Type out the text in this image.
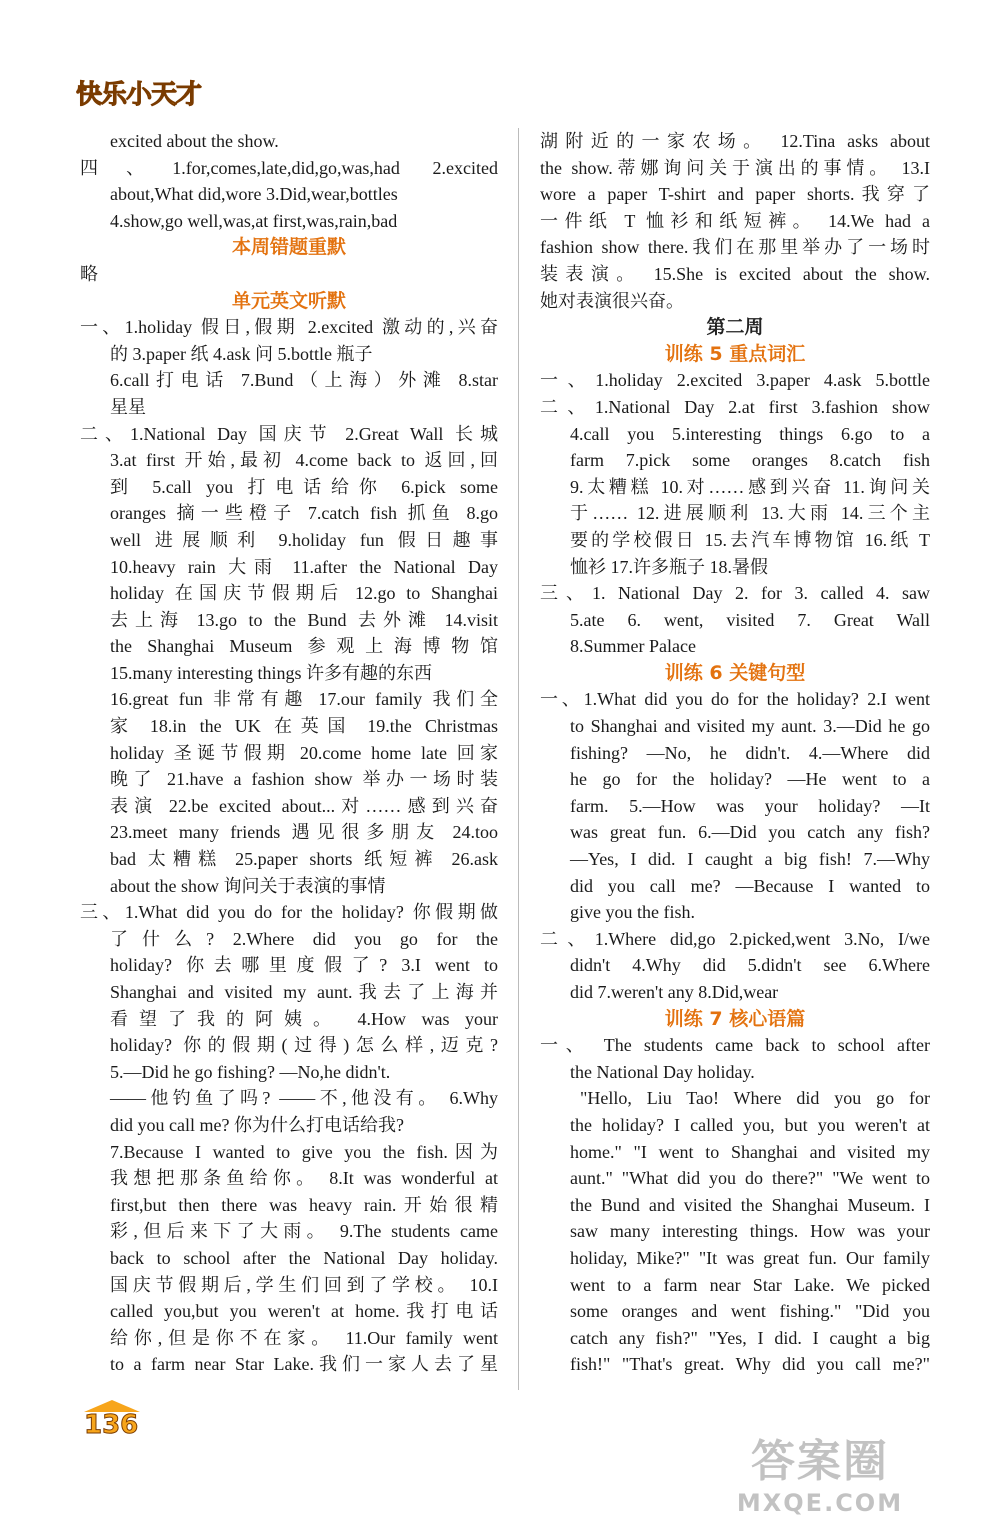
快乐小天才
excited about the show.
四、1.for,comes,late,did,go,was,had 2.excited
about,What did,wore 3.Did,wear,bottles
4.show,go well,was,at first,was,rain,bad
本周错题重默
略
单元英文听默
一、1.holiday 假日,假期 2.excited 激动的,兴奋
的 3.paper 纸 4.ask 问 5.bottle 瓶子
6.call打电话 7.Bund（上海）外滩 8.star
星星
二、1.National Day 国庆节 2.Great Wall 长城
3.at first 开始,最初 4.come back to 返回,回
到 5.call you 打电话给你 6.pick some
oranges 摘一些橙子 7.catch fish 抓鱼 8.go
well 进展顺利 9.holiday fun 假日趣事
10.heavy rain 大雨 11.after the National Day
holiday 在国庆节假期后 12.go to Shanghai
去上海 13.go to the Bund 去外滩 14.visit
the Shanghai Museum 参观上海博物馆
15.many interesting things 许多有趣的东西
16.great fun 非常有趣 17.our family 我们全
家 18.in the UK 在英国 19.the Christmas
holiday 圣诞节假期 20.come home late 回家
晚了 21.have a fashion show 举办一场时装
表演 22.be excited about...对……感到兴奋
23.meet many friends 遇见很多朋友 24.too
bad 太糟糕 25.paper shorts 纸短裤 26.ask
about the show 询问关于表演的事情
三、1.What did you do for the holiday? 你假期做
了什么? 2.Where did you go for the
holiday? 你去哪里度假了? 3.I went to
Shanghai and visited my aunt.我去了上海并
看望了我的阿姨。 4.How was your
holiday? 你的假期(过得)怎么样,迈克?
5.—Did he go fishing? —No,he didn't.
——他钓鱼了吗? ——不,他没有。 6.Why
did you call me? 你为什么打电话给我?
7.Because I wanted to give you the fish.因为
我想把那条鱼给你。 8.It was wonderful at
first,but then there was heavy rain.开始很精
彩,但后来下了大雨。 9.The students came
back to school after the National Day holiday.
国庆节假期后,学生们回到了学校。 10.I
called you,but you weren't at home.我打电话
给你,但是你不在家。 11.Our family went
to a farm near Star Lake.我们一家人去了星
湖附近的一家农场。 12.Tina asks about
the show.蒂娜询问关于演出的事情。 13.I
wore a paper T-shirt and paper shorts.我穿了
一件纸 T 恤衫和纸短裤。 14.We had a
fashion show there.我们在那里举办了一场时
装表演。 15.She is excited about the show.
她对表演很兴奋。
第二周
训练 5 重点词汇
一、1.holiday 2.excited 3.paper 4.ask 5.bottle
二、1.National Day 2.at first 3.fashion show
4.call you 5.interesting things 6.go to a
farm 7.pick some oranges 8.catch fish
9.太糟糕 10.对……感到兴奋 11.询问关
于…… 12.进展顺利 13.大雨 14.三个主
要的学校假日 15.去汽车博物馆 16.纸 T
恤衫 17.许多瓶子 18.暑假
三、1. National Day 2. for 3. called 4. saw
5.ate 6. went, visited 7. Great Wall
8.Summer Palace
训练 6 关键句型
一、1.What did you do for the holiday? 2.I went
to Shanghai and visited my aunt. 3.—Did he go
fishing? —No, he didn't. 4.—Where did
he go for the holiday? —He went to a
farm. 5.—How was your holiday? —It
was great fun. 6.—Did you catch any fish?
—Yes, I did. I caught a big fish! 7.—Why
did you call me? —Because I wanted to
give you the fish.
二、1.Where did,go 2.picked,went 3.No, I/we
didn't 4.Why did 5.didn't see 6.Where
did 7.weren't any 8.Did,wear
训练 7 核心语篇
一、 The students came back to school after
the National Day holiday.
"Hello, Liu Tao! Where did you go for
the holiday? I called you, but you weren't at
home." "I went to Shanghai and visited my
aunt." "What did you do there?" "We went to
the Bund and visited the Shanghai Museum. I
saw many interesting things. How was your
holiday, Mike?" "It was great fun. Our family
went to a farm near Star Lake. We picked
some oranges and went fishing." "Did you
catch any fish?" "Yes, I did. I caught a big
fish!" "That's great. Why did you call me?"
136
答案圈
MXQE.COM
